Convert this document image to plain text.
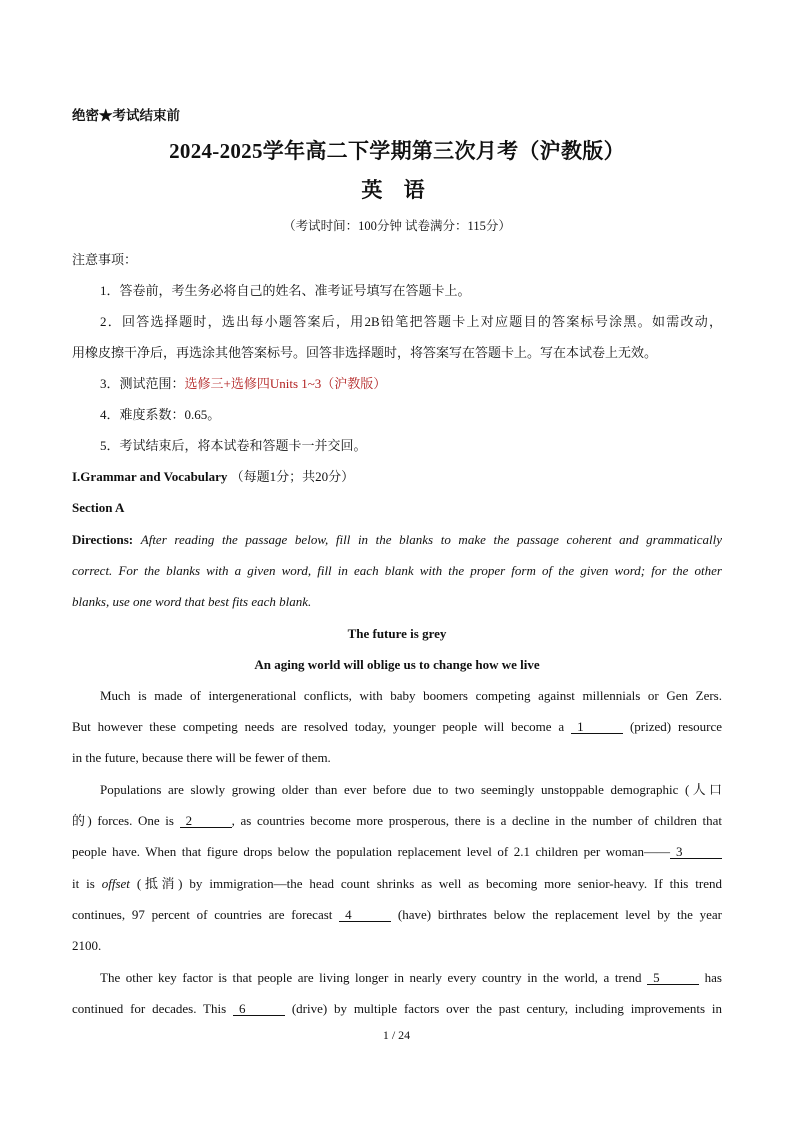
绝密★考试结束前
2024-2025学年高二下学期第三次月考（沪教版）
英 语
（考试时间：100分钟 试卷满分：115分）
注意事项：
1．答卷前，考生务必将自己的姓名、准考证号填写在答题卡上。
2．回答选择题时，选出每小题答案后，用2B铅笔把答题卡上对应题目的答案标号涂黑。如需改动，
用橡皮擦干净后，再选涂其他答案标号。回答非选择题时，将答案写在答题卡上。写在本试卷上无效。
3．测试范围：选修三+选修四Units 1~3（沪教版）
4．难度系数：0.65。
5．考试结束后，将本试卷和答题卡一并交回。
I.Grammar and Vocabulary （每题1分；共20分）
Section A
Directions: After reading the passage below, fill in the blanks to make the passage coherent and grammatically
correct. For the blanks with a given word, fill in each blank with the proper form of the given word; for the other
blanks, use one word that best fits each blank.
The future is grey
An aging world will oblige us to change how we live
Much is made of intergenerational conflicts, with baby boomers competing against millennials or Gen Zers.
But however these competing needs are resolved today, younger people will become a 1	(prized) resource
in the future, because there will be fewer of them.
Populations are slowly growing older than ever before due to two seemingly unstoppable demographic (人口
的) forces. One is 2	, as countries become more prosperous, there is a decline in the number of children that
people have. When that figure drops below the population replacement level of 2.1 children per woman—— 3
it is offset (抵消) by immigration—the head count shrinks as well as becoming more senior-heavy. If this trend
continues, 97 percent of countries are forecast 4	(have) birthrates below the replacement level by the year
2100.
The other key factor is that people are living longer in nearly every country in the world, a trend 5	has
continued for decades. This 6	(drive) by multiple factors over the past century, including improvements in
1 / 24
